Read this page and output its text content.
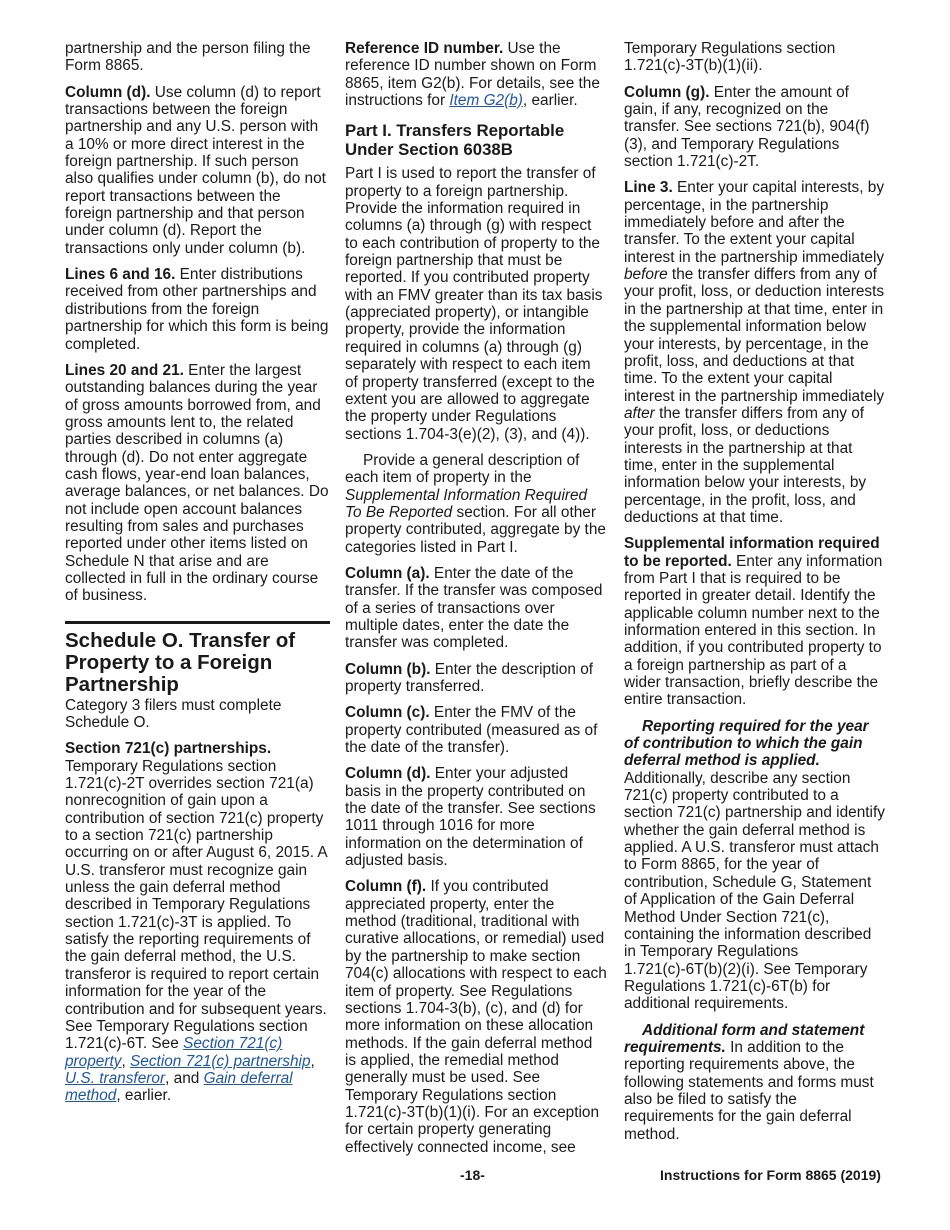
partnership and the person filing the Form 8865.

Column (d). Use column (d) to report transactions between the foreign partnership and any U.S. person with a 10% or more direct interest in the foreign partnership. If such person also qualifies under column (b), do not report transactions between the foreign partnership and that person under column (d). Report the transactions only under column (b).

Lines 6 and 16. Enter distributions received from other partnerships and distributions from the foreign partnership for which this form is being completed.

Lines 20 and 21. Enter the largest outstanding balances during the year of gross amounts borrowed from, and gross amounts lent to, the related parties described in columns (a) through (d). Do not enter aggregate cash flows, year-end loan balances, average balances, or net balances. Do not include open account balances resulting from sales and purchases reported under other items listed on Schedule N that arise and are collected in full in the ordinary course of business.

Schedule O. Transfer of Property to a Foreign Partnership

Category 3 filers must complete Schedule O.

Section 721(c) partnerships. Temporary Regulations section 1.721(c)-2T overrides section 721(a) nonrecognition of gain upon a contribution of section 721(c) property to a section 721(c) partnership occurring on or after August 6, 2015. A U.S. transferor must recognize gain unless the gain deferral method described in Temporary Regulations section 1.721(c)-3T is applied. To satisfy the reporting requirements of the gain deferral method, the U.S. transferor is required to report certain information for the year of the contribution and for subsequent years. See Temporary Regulations section 1.721(c)-6T. See Section 721(c) property, Section 721(c) partnership, U.S. transferor, and Gain deferral method, earlier.

Reference ID number. Use the reference ID number shown on Form 8865, item G2(b). For details, see the instructions for Item G2(b), earlier.

Part I. Transfers Reportable Under Section 6038B

Part I is used to report the transfer of property to a foreign partnership. Provide the information required in columns (a) through (g) with respect to each contribution of property to the foreign partnership that must be reported. If you contributed property with an FMV greater than its tax basis (appreciated property), or intangible property, provide the information required in columns (a) through (g) separately with respect to each item of property transferred (except to the extent you are allowed to aggregate the property under Regulations sections 1.704-3(e)(2), (3), and (4)).

Provide a general description of each item of property in the Supplemental Information Required To Be Reported section. For all other property contributed, aggregate by the categories listed in Part I.

Column (a). Enter the date of the transfer. If the transfer was composed of a series of transactions over multiple dates, enter the date the transfer was completed.

Column (b). Enter the description of property transferred.

Column (c). Enter the FMV of the property contributed (measured as of the date of the transfer).

Column (d). Enter your adjusted basis in the property contributed on the date of the transfer. See sections 1011 through 1016 for more information on the determination of adjusted basis.

Column (f). If you contributed appreciated property, enter the method (traditional, traditional with curative allocations, or remedial) used by the partnership to make section 704(c) allocations with respect to each item of property. See Regulations sections 1.704-3(b), (c), and (d) for more information on these allocation methods. If the gain deferral method is applied, the remedial method generally must be used. See Temporary Regulations section 1.721(c)-3T(b)(1)(i). For an exception for certain property generating effectively connected income, see

Temporary Regulations section 1.721(c)-3T(b)(1)(ii).

Column (g). Enter the amount of gain, if any, recognized on the transfer. See sections 721(b), 904(f)(3), and Temporary Regulations section 1.721(c)-2T.

Line 3. Enter your capital interests, by percentage, in the partnership immediately before and after the transfer. To the extent your capital interest in the partnership immediately before the transfer differs from any of your profit, loss, or deduction interests in the partnership at that time, enter in the supplemental information below your interests, by percentage, in the profit, loss, and deductions at that time. To the extent your capital interest in the partnership immediately after the transfer differs from any of your profit, loss, or deductions interests in the partnership at that time, enter in the supplemental information below your interests, by percentage, in the profit, loss, and deductions at that time.

Supplemental information required to be reported. Enter any information from Part I that is required to be reported in greater detail. Identify the applicable column number next to the information entered in this section. In addition, if you contributed property to a foreign partnership as part of a wider transaction, briefly describe the entire transaction.

Reporting required for the year of contribution to which the gain deferral method is applied. Additionally, describe any section 721(c) property contributed to a section 721(c) partnership and identify whether the gain deferral method is applied. A U.S. transferor must attach to Form 8865, for the year of contribution, Schedule G, Statement of Application of the Gain Deferral Method Under Section 721(c), containing the information described in Temporary Regulations 1.721(c)-6T(b)(2)(i). See Temporary Regulations 1.721(c)-6T(b) for additional requirements.

Additional form and statement requirements. In addition to the reporting requirements above, the following statements and forms must also be filed to satisfy the requirements for the gain deferral method.

-18-	Instructions for Form 8865 (2019)
